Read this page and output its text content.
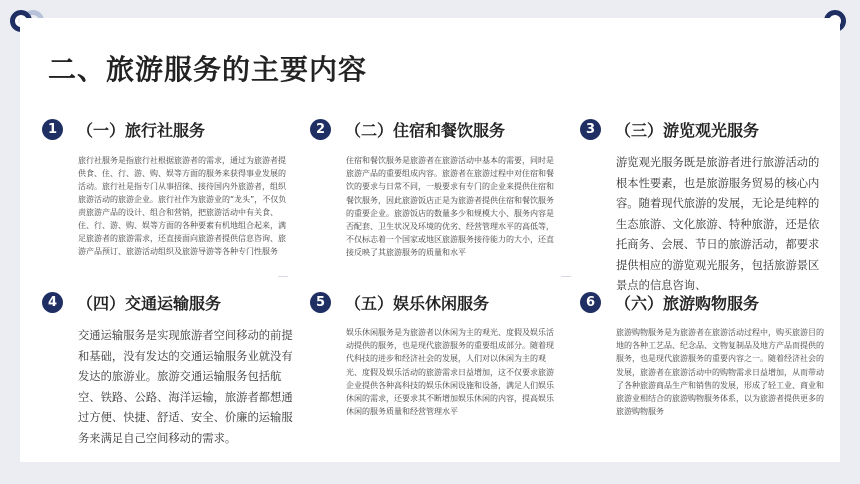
二、旅游服务的主要内容
1	（一）旅行社服务

旅行社服务是指旅行社根据旅游者的需求，通过为旅游者提供食、住、行、游、购、娱等方面的服务来获得事业发展的活动。旅行社是指专门从事招徕、接待国内外旅游者，组织旅游活动的旅游企业。旅行社作为旅游业的“龙头”，不仅负责旅游产品的设计、组合和营销，把旅游活动中有关食、住、行、游、购、娱等方面的各种要素有机地组合起来，满足旅游者的旅游需求，还直接面向旅游者提供信息咨询、旅游产品预订、旅游活动组织及旅游导游等各种专门性服务

2	（二）住宿和餐饮服务

住宿和餐饮服务是旅游者在旅游活动中基本的需要，同时是旅游产品的重要组成内容。旅游者在旅游过程中对住宿和餐饮的要求与日常不同，一般要求有专门的企业来提供住宿和餐饮服务，因此旅游饭店正是为旅游者提供住宿和餐饮服务的重要企业。旅游饭店的数量多少和规模大小、服务内容是否配套、卫生状况及环境的优劣、经营管理水平的高低等，不仅标志着一个国家或地区旅游服务接待能力的大小，还直接反映了其旅游服务的质量和水平

3	（三）游览观光服务

游览观光服务既是旅游者进行旅游活动的根本性要素，也是旅游服务贸易的核心内容。随着现代旅游的发展，无论是纯粹的生态旅游、文化旅游、特种旅游，还是依托商务、会展、节日的旅游活动，都要求提供相应的游览观光服务，包括旅游景区景点的信息咨询、

4	（四）交通运输服务

交通运输服务是实现旅游者空间移动的前提和基础，没有发达的交通运输服务业就没有发达的旅游业。旅游交通运输服务包括航空、铁路、公路、海洋运输，旅游者都想通过方便、快捷、舒适、安全、价廉的运输服务来满足自己空间移动的需求。

5	（五）娱乐休闲服务

娱乐休闲服务是为旅游者以休闲为主的观光、度假及娱乐活动提供的服务，也是现代旅游服务的重要组成部分。随着现代科技的进步和经济社会的发展，人们对以休闲为主的观光、度假及娱乐活动的旅游需求日益增加，这不仅要求旅游企业提供各种高科技的娱乐休闲设施和设备，满足人们娱乐休闲的需求，还要求其不断增加娱乐休闲的内容，提高娱乐休闲的服务质量和经营管理水平

6	（六）旅游购物服务

旅游购物服务是为旅游者在旅游活动过程中，购买旅游目的地的各种工艺品、纪念品、文物复制品及地方产品而提供的服务，也是现代旅游服务的重要内容之一。随着经济社会的发展，旅游者在旅游活动中的购物需求日益增加，从而带动了各种旅游商品生产和销售的发展，形成了轻工业、商业和旅游业相结合的旅游购物服务体系，以为旅游者提供更多的旅游购物服务
